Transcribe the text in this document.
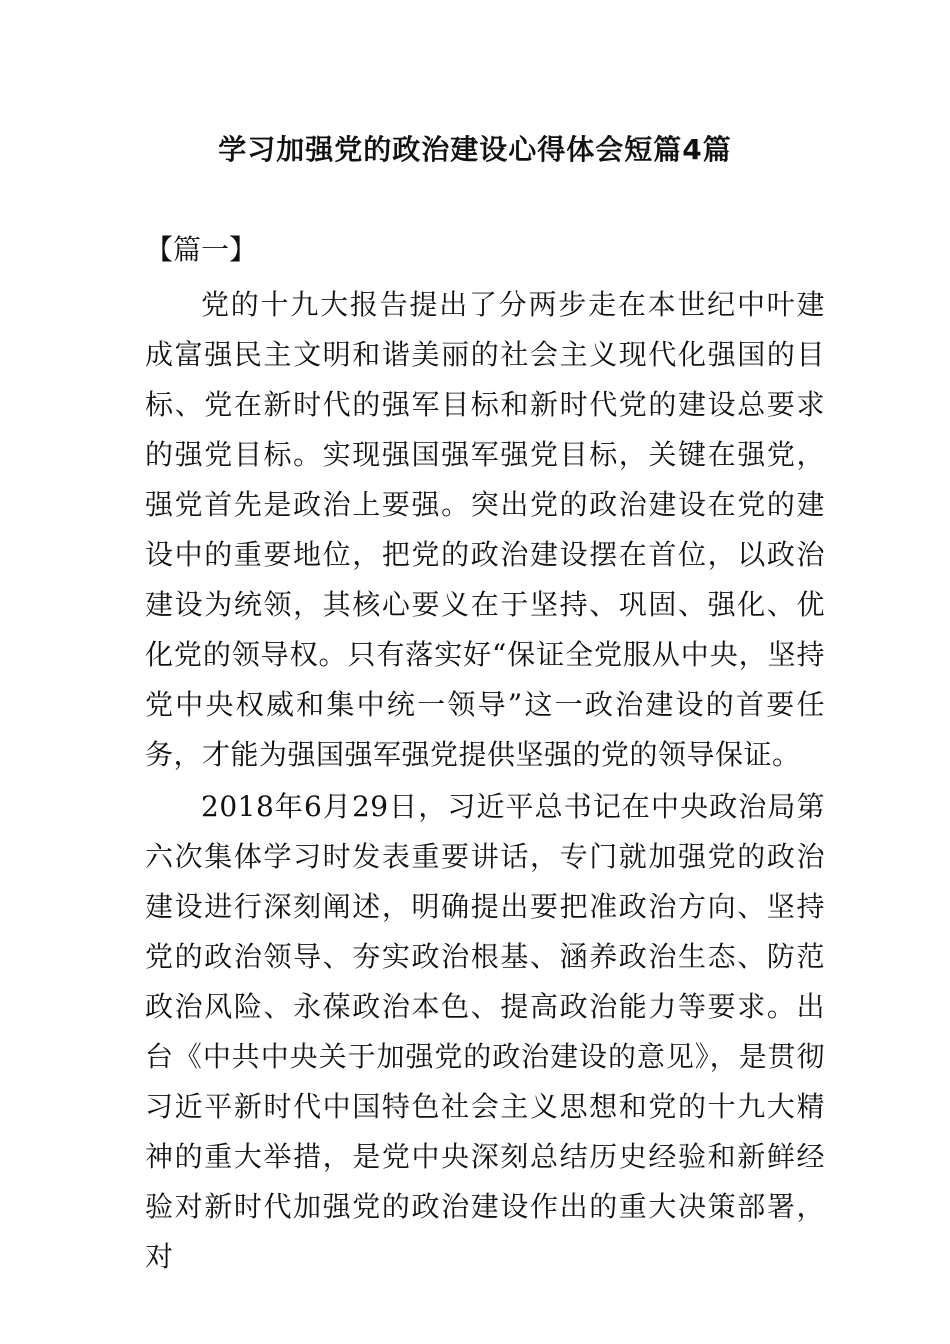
学习加强党的政治建设心得体会短篇4篇

【篇一】

党的十九大报告提出了分两步走在本世纪中叶建成富强民主文明和谐美丽的社会主义现代化强国的目标、党在新时代的强军目标和新时代党的建设总要求的强党目标。实现强国强军强党目标，关键在强党，强党首先是政治上要强。突出党的政治建设在党的建设中的重要地位，把党的政治建设摆在首位，以政治建设为统领，其核心要义在于坚持、巩固、强化、优化党的领导权。只有落实好“保证全党服从中央，坚持党中央权威和集中统一领导”这一政治建设的首要任务，才能为强国强军强党提供坚强的党的领导保证。

2018年6月29日，习近平总书记在中央政治局第六次集体学习时发表重要讲话，专门就加强党的政治建设进行深刻阐述，明确提出要把准政治方向、坚持党的政治领导、夯实政治根基、涵养政治生态、防范政治风险、永葆政治本色、提高政治能力等要求。出台《中共中央关于加强党的政治建设的意见》，是贯彻习近平新时代中国特色社会主义思想和党的十九大精神的重大举措，是党中央深刻总结历史经验和新鲜经验对新时代加强党的政治建设作出的重大决策部署，对
